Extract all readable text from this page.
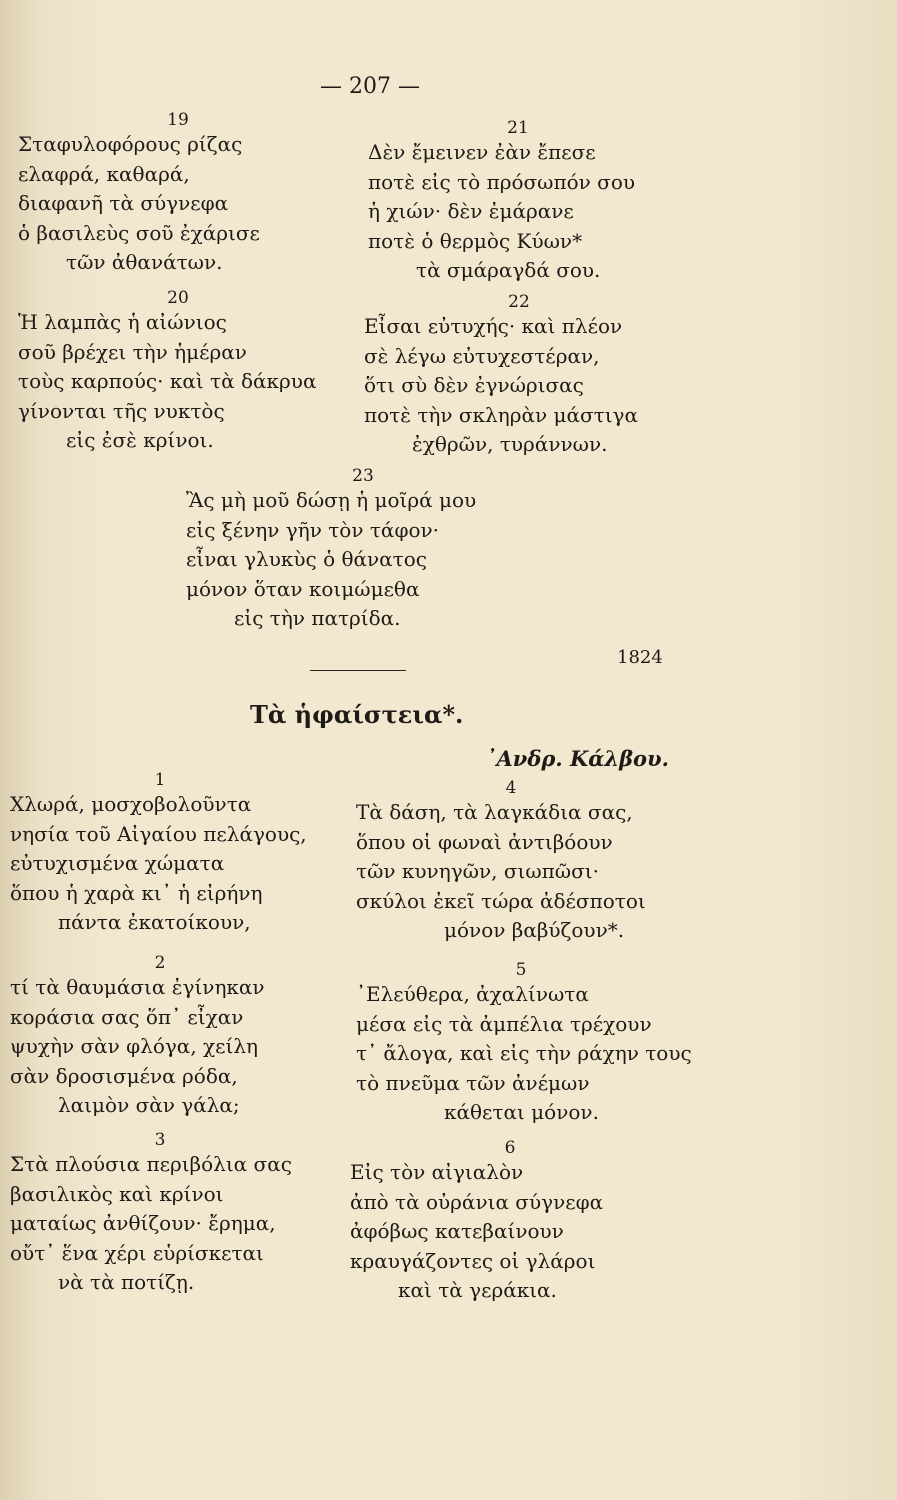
— 207 —
19
Σταφυλοφόρους ρίζας
ελαφρά, καθαρά,
διαφανῆ τὰ σύγνεφα
ὁ βασιλεὺς σοῦ ἐχάρισε
τῶν ἀθανάτων.
20
Ἡ λαμπὰς ἡ αἰώνιος
σοῦ βρέχει τὴν ἡμέραν
τοὺς καρπούς· καὶ τὰ δάκρυα
γίνονται τῆς νυκτὸς
εἰς ἐσὲ κρίνοι.
21
Δὲν ἔμεινεν ἐὰν ἔπεσε
ποτὲ εἰς τὸ πρόσωπόν σου
ἡ χιών· δὲν ἐμάρανε
ποτὲ ὁ θερμὸς Κύων*
τὰ σμάραγδά σου.
22
Εἶσαι εὐτυχής· καὶ πλέον
σὲ λέγω εὐτυχεστέραν,
ὅτι σὺ δὲν ἐγνώρισας
ποτὲ τὴν σκληρὰν μάστιγα
ἐχθρῶν, τυράννων.
23
Ἂς μὴ μοῦ δώσῃ ἡ μοῖρά μου
εἰς ξένην γῆν τὸν τάφον·
εἶναι γλυκὺς ὁ θάνατος
μόνον ὅταν κοιμώμεθα
εἰς τὴν πατρίδα.
1824
Τὰ ἡφαίστεια*.
᾿Ανδρ. Κάλβου.
1
Χλωρά, μοσχοβολοῦντα
νησία τοῦ Αἰγαίου πελάγους,
εὐτυχισμένα χώματα
ὅπου ἡ χαρὰ κι᾿ ἡ εἰρήνη
πάντα ἐκατοίκουν,
2
τί τὰ θαυμάσια ἐγίνηκαν
κοράσια σας ὅπ᾿ εἶχαν
ψυχὴν σὰν φλόγα, χείλη
σὰν δροσισμένα ρόδα,
λαιμὸν σὰν γάλα;
3
Στὰ πλούσια περιβόλια σας
βασιλικὸς καὶ κρίνοι
ματαίως ἀνθίζουν· ἔρημα,
οὔτ᾿ ἕνα χέρι εὑρίσκεται
νὰ τὰ ποτίζῃ.
4
Τὰ δάση, τὰ λαγκάδια σας,
ὅπου οἱ φωναὶ ἀντιβόουν
τῶν κυνηγῶν, σιωπῶσι·
σκύλοι ἐκεῖ τώρα ἀδέσποτοι
μόνον βαβύζουν*.
5
᾿Ελεύθερα, ἀχαλίνωτα
μέσα εἰς τὰ ἀμπέλια τρέχουν
τ᾿ ἄλογα, καὶ εἰς τὴν ράχην τους
τὸ πνεῦμα τῶν ἀνέμων
κάθεται μόνον.
6
Εἰς τὸν αἰγιαλὸν
ἀπὸ τὰ οὐράνια σύγνεφα
ἀφόβως κατεβαίνουν
κραυγάζοντες οἱ γλάροι
καὶ τὰ γεράκια.
